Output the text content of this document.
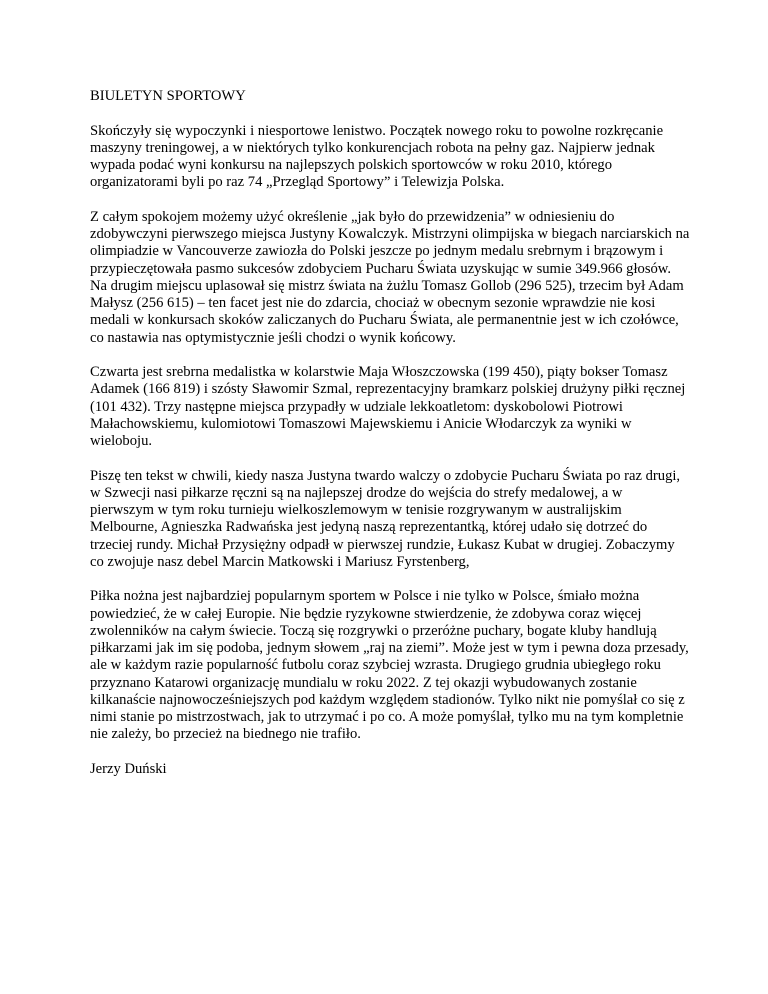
BIULETYN SPORTOWY

Skończyły się wypoczynki i niesportowe lenistwo. Początek nowego roku to powolne rozkręcanie maszyny treningowej, a w niektórych tylko konkurencjach robota na pełny gaz. Najpierw jednak wypada podać wyni konkursu na najlepszych polskich sportowców w roku 2010, którego organizatorami byli po raz 74 „Przegląd Sportowy” i Telewizja Polska.

Z całym spokojem możemy użyć określenie „jak było do przewidzenia” w odniesieniu do zdobywczyni pierwszego miejsca Justyny Kowalczyk. Mistrzyni olimpijska w biegach narciarskich na olimpiadzie w Vancouverze zawiozła do Polski jeszcze po jednym medalu srebrnym i brązowym i przypieczętowała pasmo sukcesów zdobyciem Pucharu Świata uzyskując w sumie 349.966 głosów. Na drugim miejscu uplasował się mistrz świata na żużlu Tomasz Gollob (296 525), trzecim był Adam Małysz (256 615) – ten facet jest nie do zdarcia, chociaż w obecnym sezonie wprawdzie nie kosi medali w konkursach skoków zaliczanych do Pucharu Świata, ale permanentnie jest w ich czołówce, co nastawia nas optymistycznie jeśli chodzi o wynik końcowy.

Czwarta jest srebrna medalistka w kolarstwie Maja Włoszczowska (199 450), piąty bokser Tomasz Adamek (166 819) i szósty Sławomir Szmal, reprezentacyjny bramkarz polskiej drużyny piłki ręcznej (101 432). Trzy następne miejsca przypadły w udziale lekkoatletom: dyskobolowi Piotrowi Małachowskiemu, kulomiotowi Tomaszowi Majewskiemu i Anicie Włodarczyk za wyniki w wieloboju.

Piszę ten tekst w chwili, kiedy nasza Justyna twardo walczy o zdobycie Pucharu Świata po raz drugi, w Szwecji nasi piłkarze ręczni są na najlepszej drodze do wejścia do strefy medalowej, a w pierwszym w tym roku turnieju wielkoszlemowym w tenisie rozgrywanym w australijskim Melbourne, Agnieszka Radwańska jest jedyną naszą reprezentantką, której udało się dotrzeć do trzeciej rundy. Michał Przysiężny odpadł w pierwszej rundzie, Łukasz Kubat w drugiej. Zobaczymy co zwojuje nasz debel Marcin Matkowski i Mariusz Fyrstenberg,

Piłka nożna jest najbardziej popularnym sportem w Polsce i nie tylko w Polsce, śmiało można powiedzieć, że w całej Europie. Nie będzie ryzykowne stwierdzenie, że zdobywa coraz więcej zwolenników na całym świecie. Toczą się rozgrywki o przeróżne puchary, bogate kluby handlują piłkarzami jak im się podoba, jednym słowem „raj na ziemi”. Może jest w tym i pewna doza przesady, ale w każdym razie popularność futbolu coraz szybciej wzrasta. Drugiego grudnia ubiegłego roku przyznano Katarowi organizację mundialu w roku 2022. Z tej okazji wybudowanych zostanie kilkanaście najnowocześniejszych pod każdym względem stadionów. Tylko nikt nie pomyślał co się z nimi stanie po mistrzostwach, jak to utrzymać i po co. A może pomyślał, tylko mu na tym kompletnie nie zależy, bo przecież na biednego nie trafiło.

Jerzy Duński
